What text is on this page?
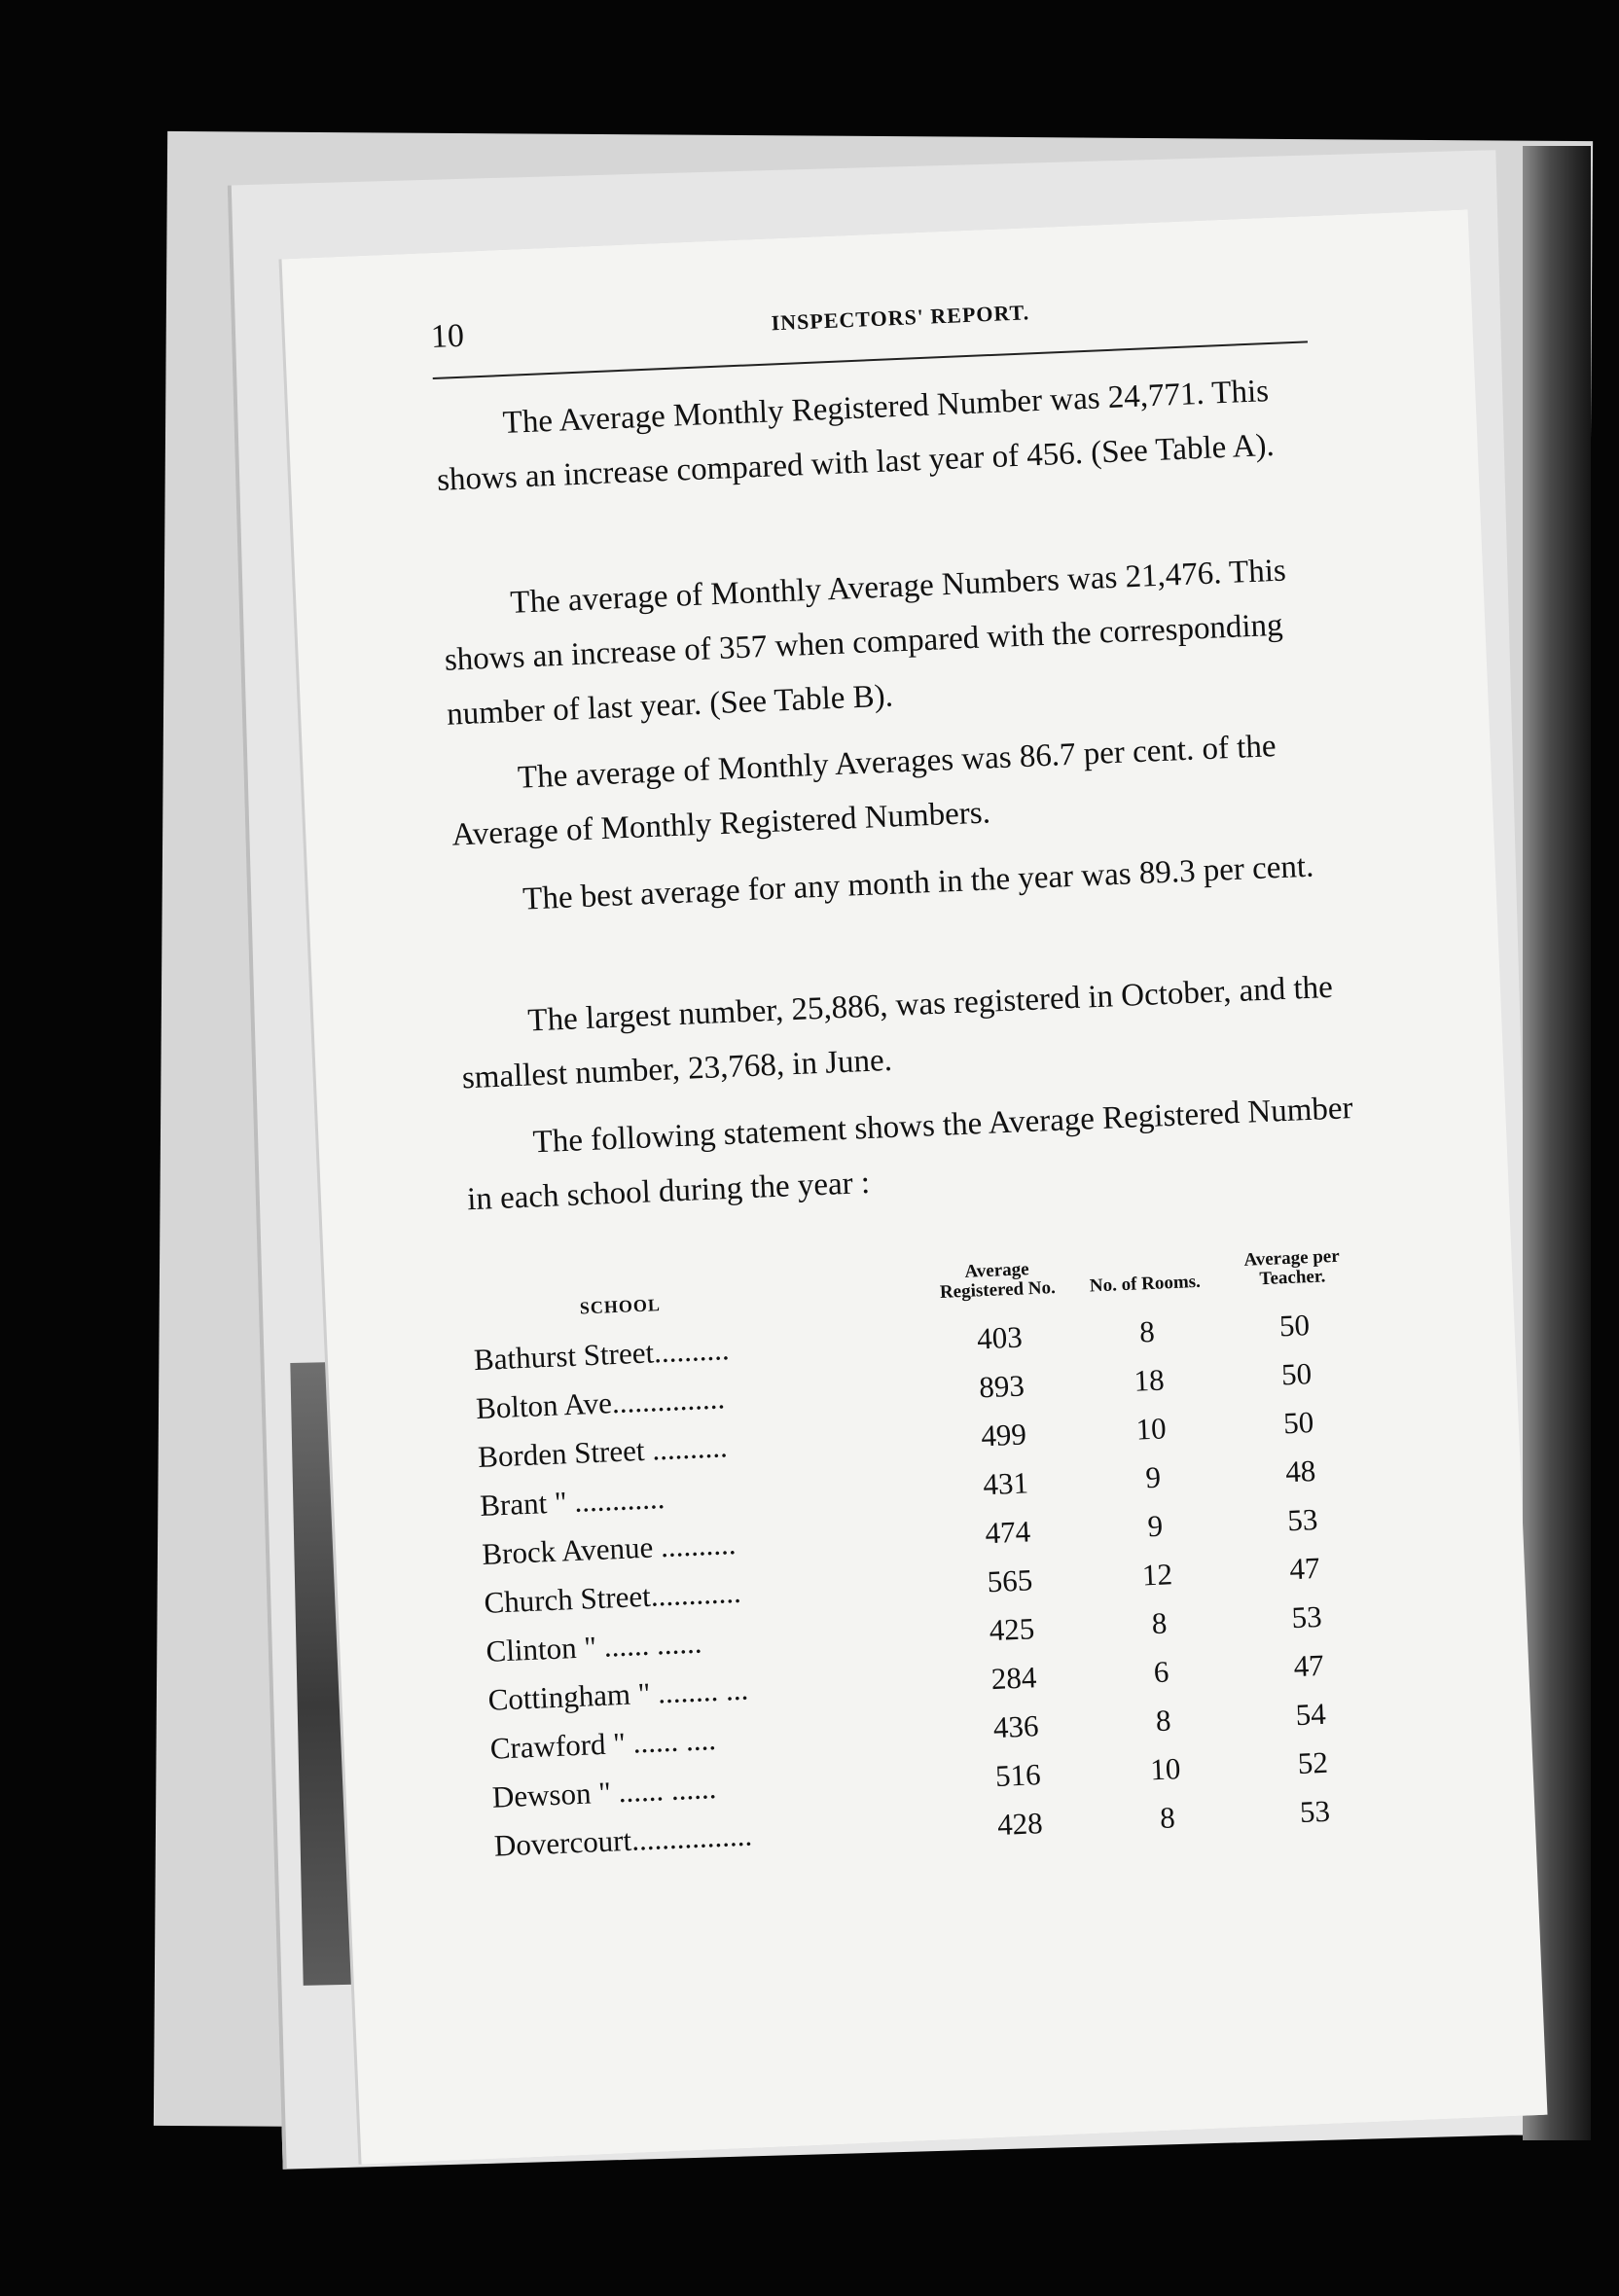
10
INSPECTORS' REPORT.

The Average Monthly Registered Number was 24,771. This shows an increase compared with last year of 456. (See Table A).

The average of Monthly Average Numbers was 21,476. This shows an increase of 357 when compared with the corresponding number of last year. (See Table B).

The average of Monthly Averages was 86.7 per cent. of the Average of Monthly Registered Numbers.

The best average for any month in the year was 89.3 per cent.

The largest number, 25,886, was registered in October, and the smallest number, 23,768, in June.

The following statement shows the Average Registered Number in each school during the year :

SCHOOL	Average Registered No.	No. of Rooms.	Average per Teacher.
Bathurst Street..........	403	8	50
Bolton Ave...............	893	18	50
Borden Street ..........	499	10	50
Brant " ............	431	9	48
Brock Avenue ..........	474	9	53
Church Street............	565	12	47
Clinton " ...... ......	425	8	53
Cottingham " ........ ...	284	6	47
Crawford " ...... ....	436	8	54
Dewson " ...... ......	516	10	52
Dovercourt................	428	8	53
